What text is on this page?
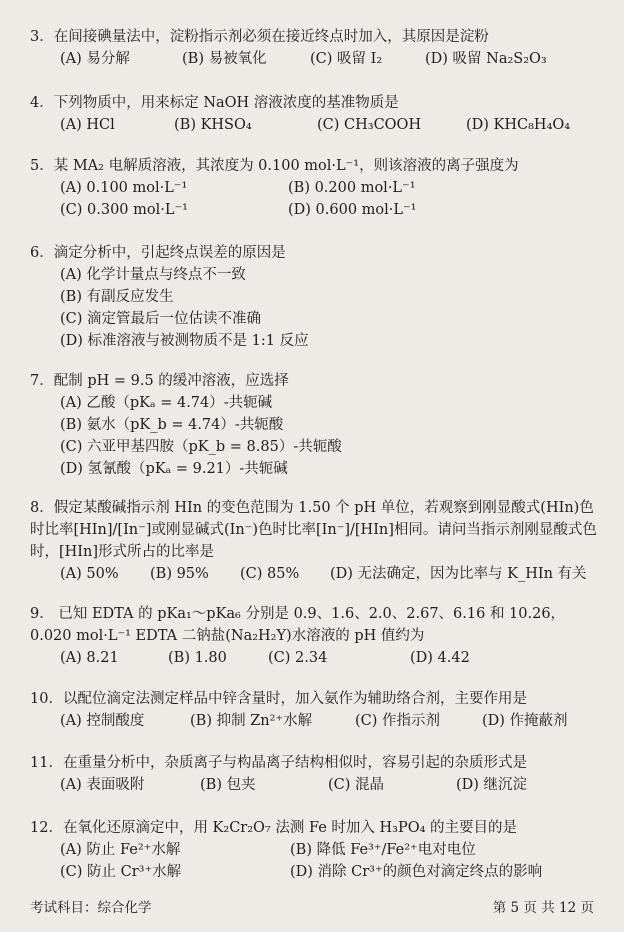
3．在间接碘量法中，淀粉指示剂必须在接近终点时加入，其原因是淀粉
(A) 易分解	(B) 易被氧化	(C) 吸留 I₂	(D) 吸留 Na₂S₂O₃
4．下列物质中，用来标定 NaOH 溶液浓度的基准物质是
(A) HCl	(B) KHSO₄	(C) CH₃COOH	(D) KHC₈H₄O₄
5．某 MA₂ 电解质溶液，其浓度为 0.100 mol·L⁻¹，则该溶液的离子强度为
(A) 0.100 mol·L⁻¹	(B) 0.200 mol·L⁻¹
(C) 0.300 mol·L⁻¹	(D) 0.600 mol·L⁻¹
6．滴定分析中，引起终点误差的原因是
(A) 化学计量点与终点不一致
(B) 有副反应发生
(C) 滴定管最后一位估读不准确
(D) 标准溶液与被测物质不是 1:1 反应
7．配制 pH = 9.5 的缓冲溶液，应选择
(A) 乙酸（pKₐ = 4.74）-共轭碱
(B) 氨水（pK_b = 4.74）-共轭酸
(C) 六亚甲基四胺（pK_b = 8.85）-共轭酸
(D) 氢氰酸（pKₐ = 9.21）-共轭碱
8．假定某酸碱指示剂 HIn 的变色范围为 1.50 个 pH 单位，若观察到刚显酸式(HIn)色时比率[HIn]/[In⁻]或刚显碱式(In⁻)色时比率[In⁻]/[HIn]相同。请问当指示剂刚显酸式色时，[HIn]形式所占的比率是
(A) 50% (B) 95% (C) 85% (D) 无法确定，因为比率与 K_HIn 有关
9． 已知 EDTA 的 pKa₁～pKa₆ 分别是 0.9、1.6、2.0、2.67、6.16 和 10.26，0.020 mol·L⁻¹ EDTA 二钠盐(Na₂H₂Y)水溶液的 pH 值约为
(A) 8.21	(B) 1.80	(C) 2.34	(D) 4.42
10．以配位滴定法测定样品中锌含量时，加入氨作为辅助络合剂，主要作用是
(A) 控制酸度	(B) 抑制 Zn²⁺水解	(C) 作指示剂	(D) 作掩蔽剂
11．在重量分析中，杂质离子与构晶离子结构相似时，容易引起的杂质形式是
(A) 表面吸附	(B) 包夹	(C) 混晶	(D) 继沉淀
12．在氧化还原滴定中，用 K₂Cr₂O₇ 法测 Fe 时加入 H₃PO₄ 的主要目的是
(A) 防止 Fe²⁺水解	(B) 降低 Fe³⁺/Fe²⁺电对电位
(C) 防止 Cr³⁺水解	(D) 消除 Cr³⁺的颜色对滴定终点的影响
考试科目：综合化学	第 5 页 共 12 页
